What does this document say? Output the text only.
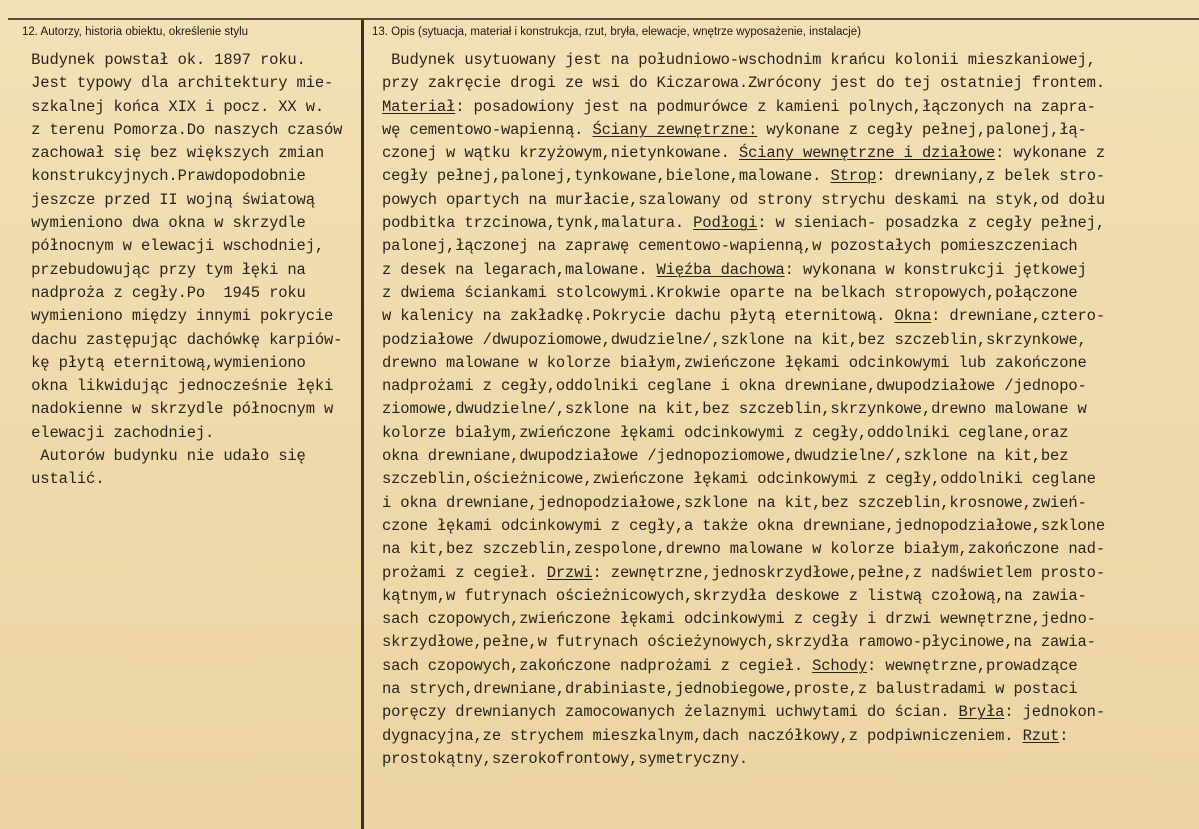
12. Autorzy, historia obiektu, określenie stylu	13. Opis (sytuacja, materiał i konstrukcja, rzut, bryła, elewacje, wnętrze wyposażenie, instalacje)
Budynek powstał ok. 1897 roku.
Jest typowy dla architektury mie-
szkalnej końca XIX i pocz. XX w.
z terenu Pomorza.Do naszych czasów
zachował się bez większych zmian
konstrukcyjnych.Prawdopodobnie
jeszcze przed II wojną światową
wymieniono dwa okna w skrzydle
północnym w elewacji wschodniej,
przebudowując przy tym łęki na
nadproża z cegły.Po  1945 roku
wymieniono między innymi pokrycie
dachu zastępując dachówkę karpiów-
kę płytą eternitową,wymieniono
okna likwidując jednocześnie łęki
nadokienne w skrzydle północnym w
elewacji zachodniej.
Autorów budynku nie udało się
ustalić.
Budynek usytuowany jest na południowo-wschodnim krańcu kolonii mieszkaniowej,
przy zakręcie drogi ze wsi do Kiczarowa.Zwrócony jest do tej ostatniej frontem.
Materiał: posadowiony jest na podmurówce z kamieni polnych,łączonych na zapra-
wę cementowo-wapienną. Ściany zewnętrzne: wykonane z cegły pełnej,palonej,łą-
czonej w wątku krzyżowym,nietynkowane. Ściany wewnętrzne i działowe: wykonane z
cegły pełnej,palonej,tynkowane,bielone,malowane. Strop: drewniany,z belek stro-
powych opartych na murłacie,szalowany od strony strychu deskami na styk,od dołu
podbitka trzcinowa,tynk,malatura. Podłogi: w sieniach- posadzka z cegły pełnej,
palonej,łączonej na zaprawę cementowo-wapienną,w pozostałych pomieszczeniach
z desek na legarach,malowane. Więźba dachowa: wykonana w konstrukcji jętkowej
z dwiema ściankami stolcowymi.Krokwie oparte na belkach stropowych,połączone
w kalenicy na zakładkę.Pokrycie dachu płytą eternitową. Okna: drewniane,cztero-
podziałowe /dwupoziomowe,dwudzielne/,szklone na kit,bez szczeblin,skrzynkowe,
drewno malowane w kolorze białym,zwieńczone łękami odcinkowymi lub zakończone
nadprożami z cegły,oddolniki ceglane i okna drewniane,dwupodziałowe /jednopo-
ziomowe,dwudzielne/,szklone na kit,bez szczeblin,skrzynkowe,drewno malowane w
kolorze białym,zwieńczone łękami odcinkowymi z cegły,oddolniki ceglane,oraz
okna drewniane,dwupodziałowe /jednopoziomowe,dwudzielne/,szklone na kit,bez
szczeblin,ościeżnicowe,zwieńczone łękami odcinkowymi z cegły,oddolniki ceglane
i okna drewniane,jednopodziałowe,szklone na kit,bez szczeblin,krosnowe,zwień-
czone łękami odcinkowymi z cegły,a także okna drewniane,jednopodziałowe,szklone
na kit,bez szczeblin,zespolone,drewno malowane w kolorze białym,zakończone nad-
prożami z cegieł. Drzwi: zewnętrzne,jednoskrzydłowe,pełne,z nadświetlem prosto-
kątnym,w futrynach ościeżnicowych,skrzydła deskowe z listwą czołową,na zawia-
sach czopowych,zwieńczone łękami odcinkowymi z cegły i drzwi wewnętrzne,jedno-
skrzydłowe,pełne,w futrynach ościeżynowych,skrzydła ramowo-płycinowe,na zawia-
sach czopowych,zakończone nadprożami z cegieł. Schody: wewnętrzne,prowadzące
na strych,drewniane,drabiniaste,jednobiegowe,proste,z balustradami w postaci
poręczy drewnianych zamocowanych żelaznymi uchwytami do ścian. Bryła: jednokon-
dygnacyjna,ze strychem mieszkalnym,dach naczółkowy,z podpiwniczeniem. Rzut:
prostokątny,szerokofrontowy,symetryczny.
